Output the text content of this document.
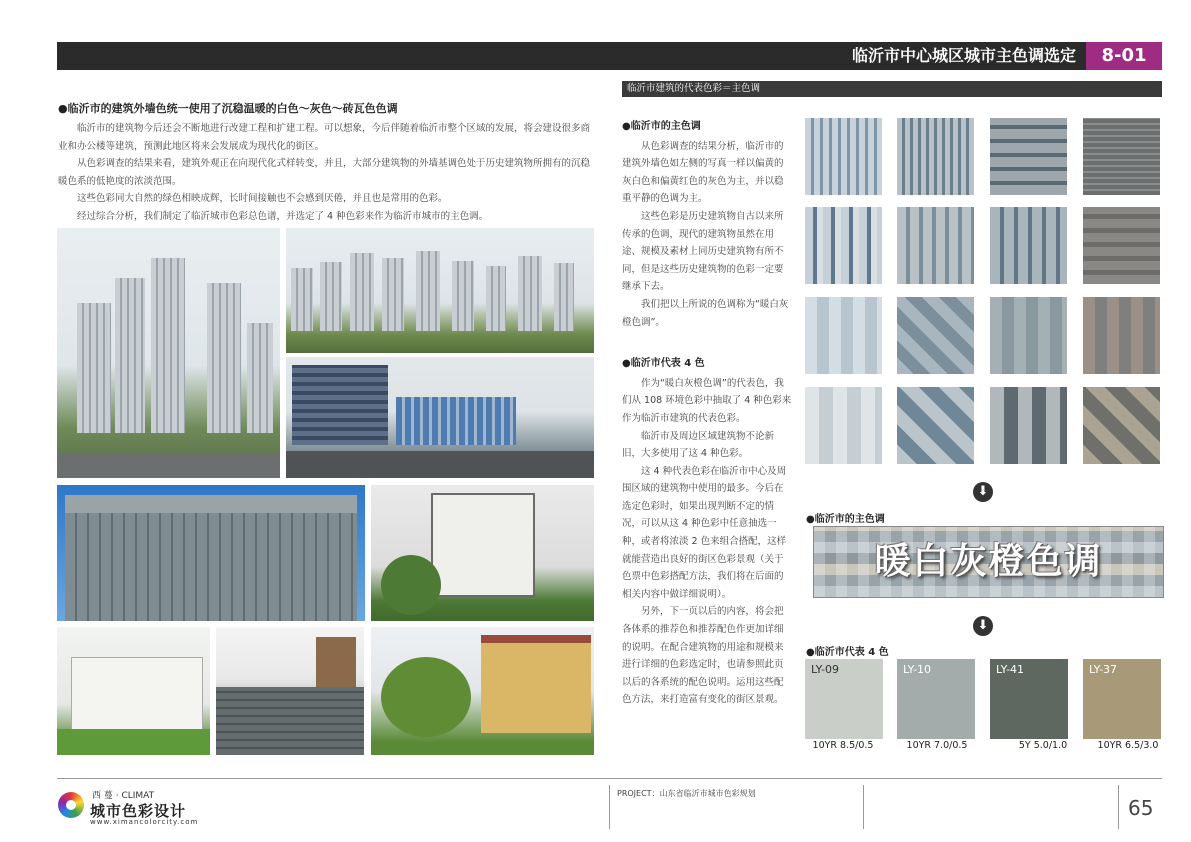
临沂市中心城区城市主色调选定	8-01
●临沂市的建筑外墙色统一使用了沉稳温暖的白色～灰色～砖瓦色色调

临沂市的建筑物今后还会不断地进行改建工程和扩建工程。可以想象，今后伴随着临沂市整个区域的发展，将会建设很多商业和办公楼等建筑，预测此地区将来会发展成为现代化的街区。

从色彩调查的结果来看，建筑外观正在向现代化式样转变，并且，大部分建筑物的外墙基调色处于历史建筑物所拥有的沉稳暖色系的低艳度的浓淡范围。

这些色彩同大自然的绿色相映成辉，长时间接触也不会感到厌倦，并且也是常用的色彩。

经过综合分析，我们制定了临沂城市色彩总色谱，并选定了 4 种色彩来作为临沂市城市的主色调。

临沂市建筑的代表色彩＝主色调
●临沂市的主色调

从色彩调查的结果分析，临沂市的建筑外墙色如左侧的写真一样以偏黄的灰白色和偏黄红色的灰色为主，并以稳重平静的色调为主。

这些色彩是历史建筑物自古以来所传承的色调，现代的建筑物虽然在用途、规模及素材上同历史建筑物有所不同，但是这些历史建筑物的色彩一定要继承下去。

我们把以上所说的色调称为“暖白灰橙色调”。

●临沂市代表 4 色

作为“暖白灰橙色调”的代表色，我们从 108 环境色彩中抽取了 4 种色彩来作为临沂市建筑的代表色彩。

临沂市及周边区域建筑物不论新旧，大多使用了这 4 种色彩。

这 4 种代表色彩在临沂市中心及周围区域的建筑物中使用的最多。今后在选定色彩时，如果出现判断不定的情况，可以从这 4 种色彩中任意抽选一种，或者将浓淡 2 色来组合搭配，这样就能营造出良好的街区色彩景观（关于色票中色彩搭配方法，我们将在后面的相关内容中做详细说明）。

另外，下一页以后的内容，将会把各体系的推荐色和推荐配色作更加详细的说明。在配合建筑物的用途和规模来进行详细的色彩选定时，也请参照此页以后的各系统的配色说明。运用这些配色方法，来打造富有变化的街区景观。

⬇
●临沂市的主色调
暖白灰橙色调
⬇
●临沂市代表 4 色
LY-09	LY-10	LY-41	LY-37
10YR 8.5/0.5	10YR 7.0/0.5	5Y 5.0/1.0	10YR 6.5/3.0
西 蔓 · CLIMAT
城市色彩设计
www.ximancolorcity.com
PROJECT：山东省临沂市城市色彩规划
65
